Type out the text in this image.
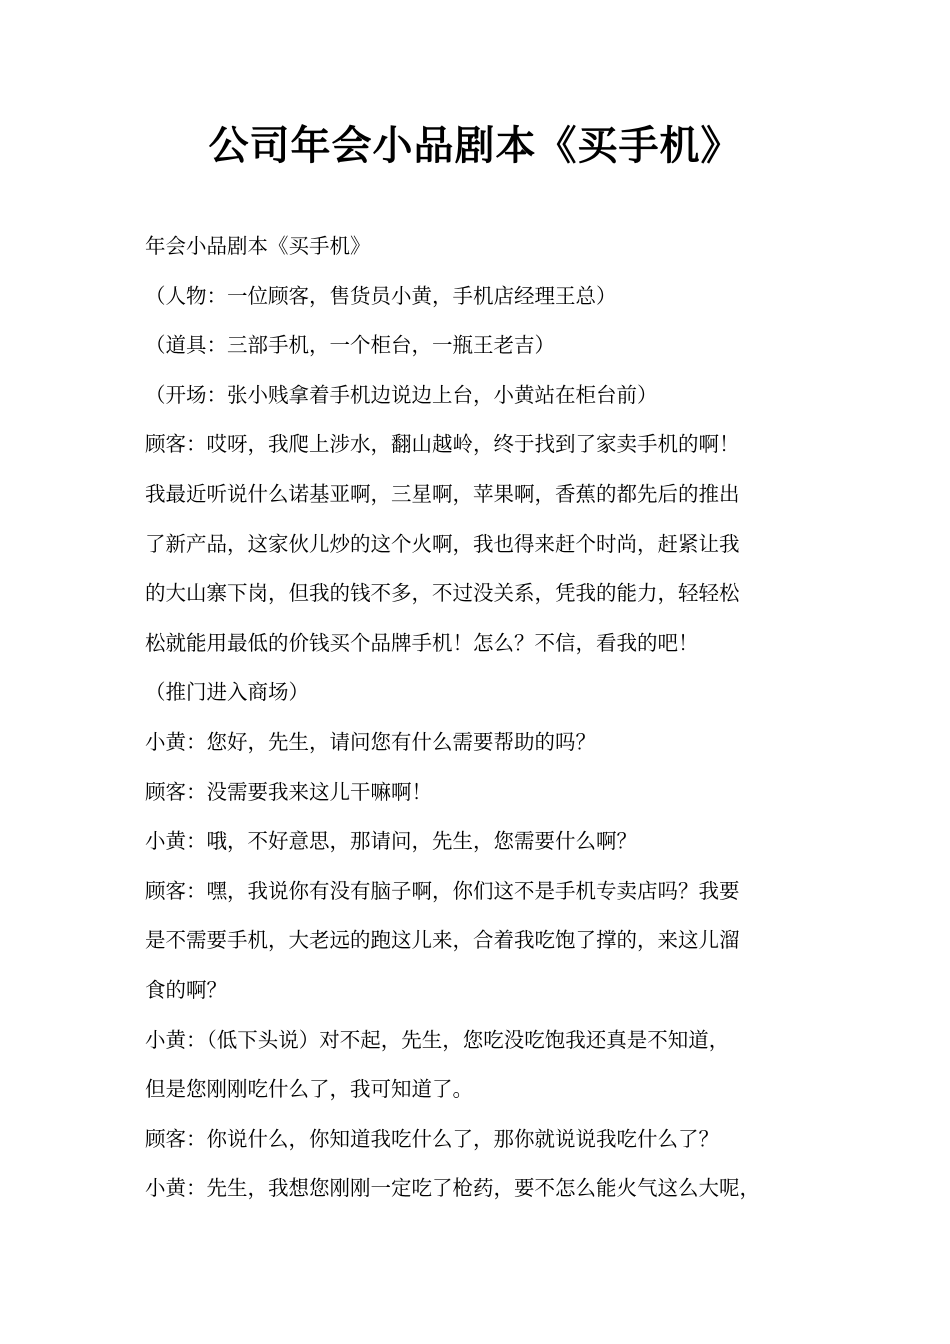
公司年会小品剧本《买手机》
年会小品剧本《买手机》
（人物：一位顾客，售货员小黄，手机店经理王总）
（道具：三部手机，一个柜台，一瓶王老吉）
（开场：张小贱拿着手机边说边上台，小黄站在柜台前）
顾客：哎呀，我爬上涉水，翻山越岭，终于找到了家卖手机的啊！
我最近听说什么诺基亚啊，三星啊，苹果啊，香蕉的都先后的推出
了新产品，这家伙儿炒的这个火啊，我也得来赶个时尚，赶紧让我
的大山寨下岗，但我的钱不多，不过没关系，凭我的能力，轻轻松
松就能用最低的价钱买个品牌手机！怎么？不信，看我的吧！
（推门进入商场）
小黄：您好，先生，请问您有什么需要帮助的吗？
顾客：没需要我来这儿干嘛啊！
小黄：哦，不好意思，那请问，先生，您需要什么啊？
顾客：嘿，我说你有没有脑子啊，你们这不是手机专卖店吗？我要
是不需要手机，大老远的跑这儿来，合着我吃饱了撑的，来这儿溜
食的啊？
小黄：（低下头说）对不起，先生，您吃没吃饱我还真是不知道，
但是您刚刚吃什么了，我可知道了。
顾客：你说什么，你知道我吃什么了，那你就说说我吃什么了？
小黄：先生，我想您刚刚一定吃了枪药，要不怎么能火气这么大呢，
